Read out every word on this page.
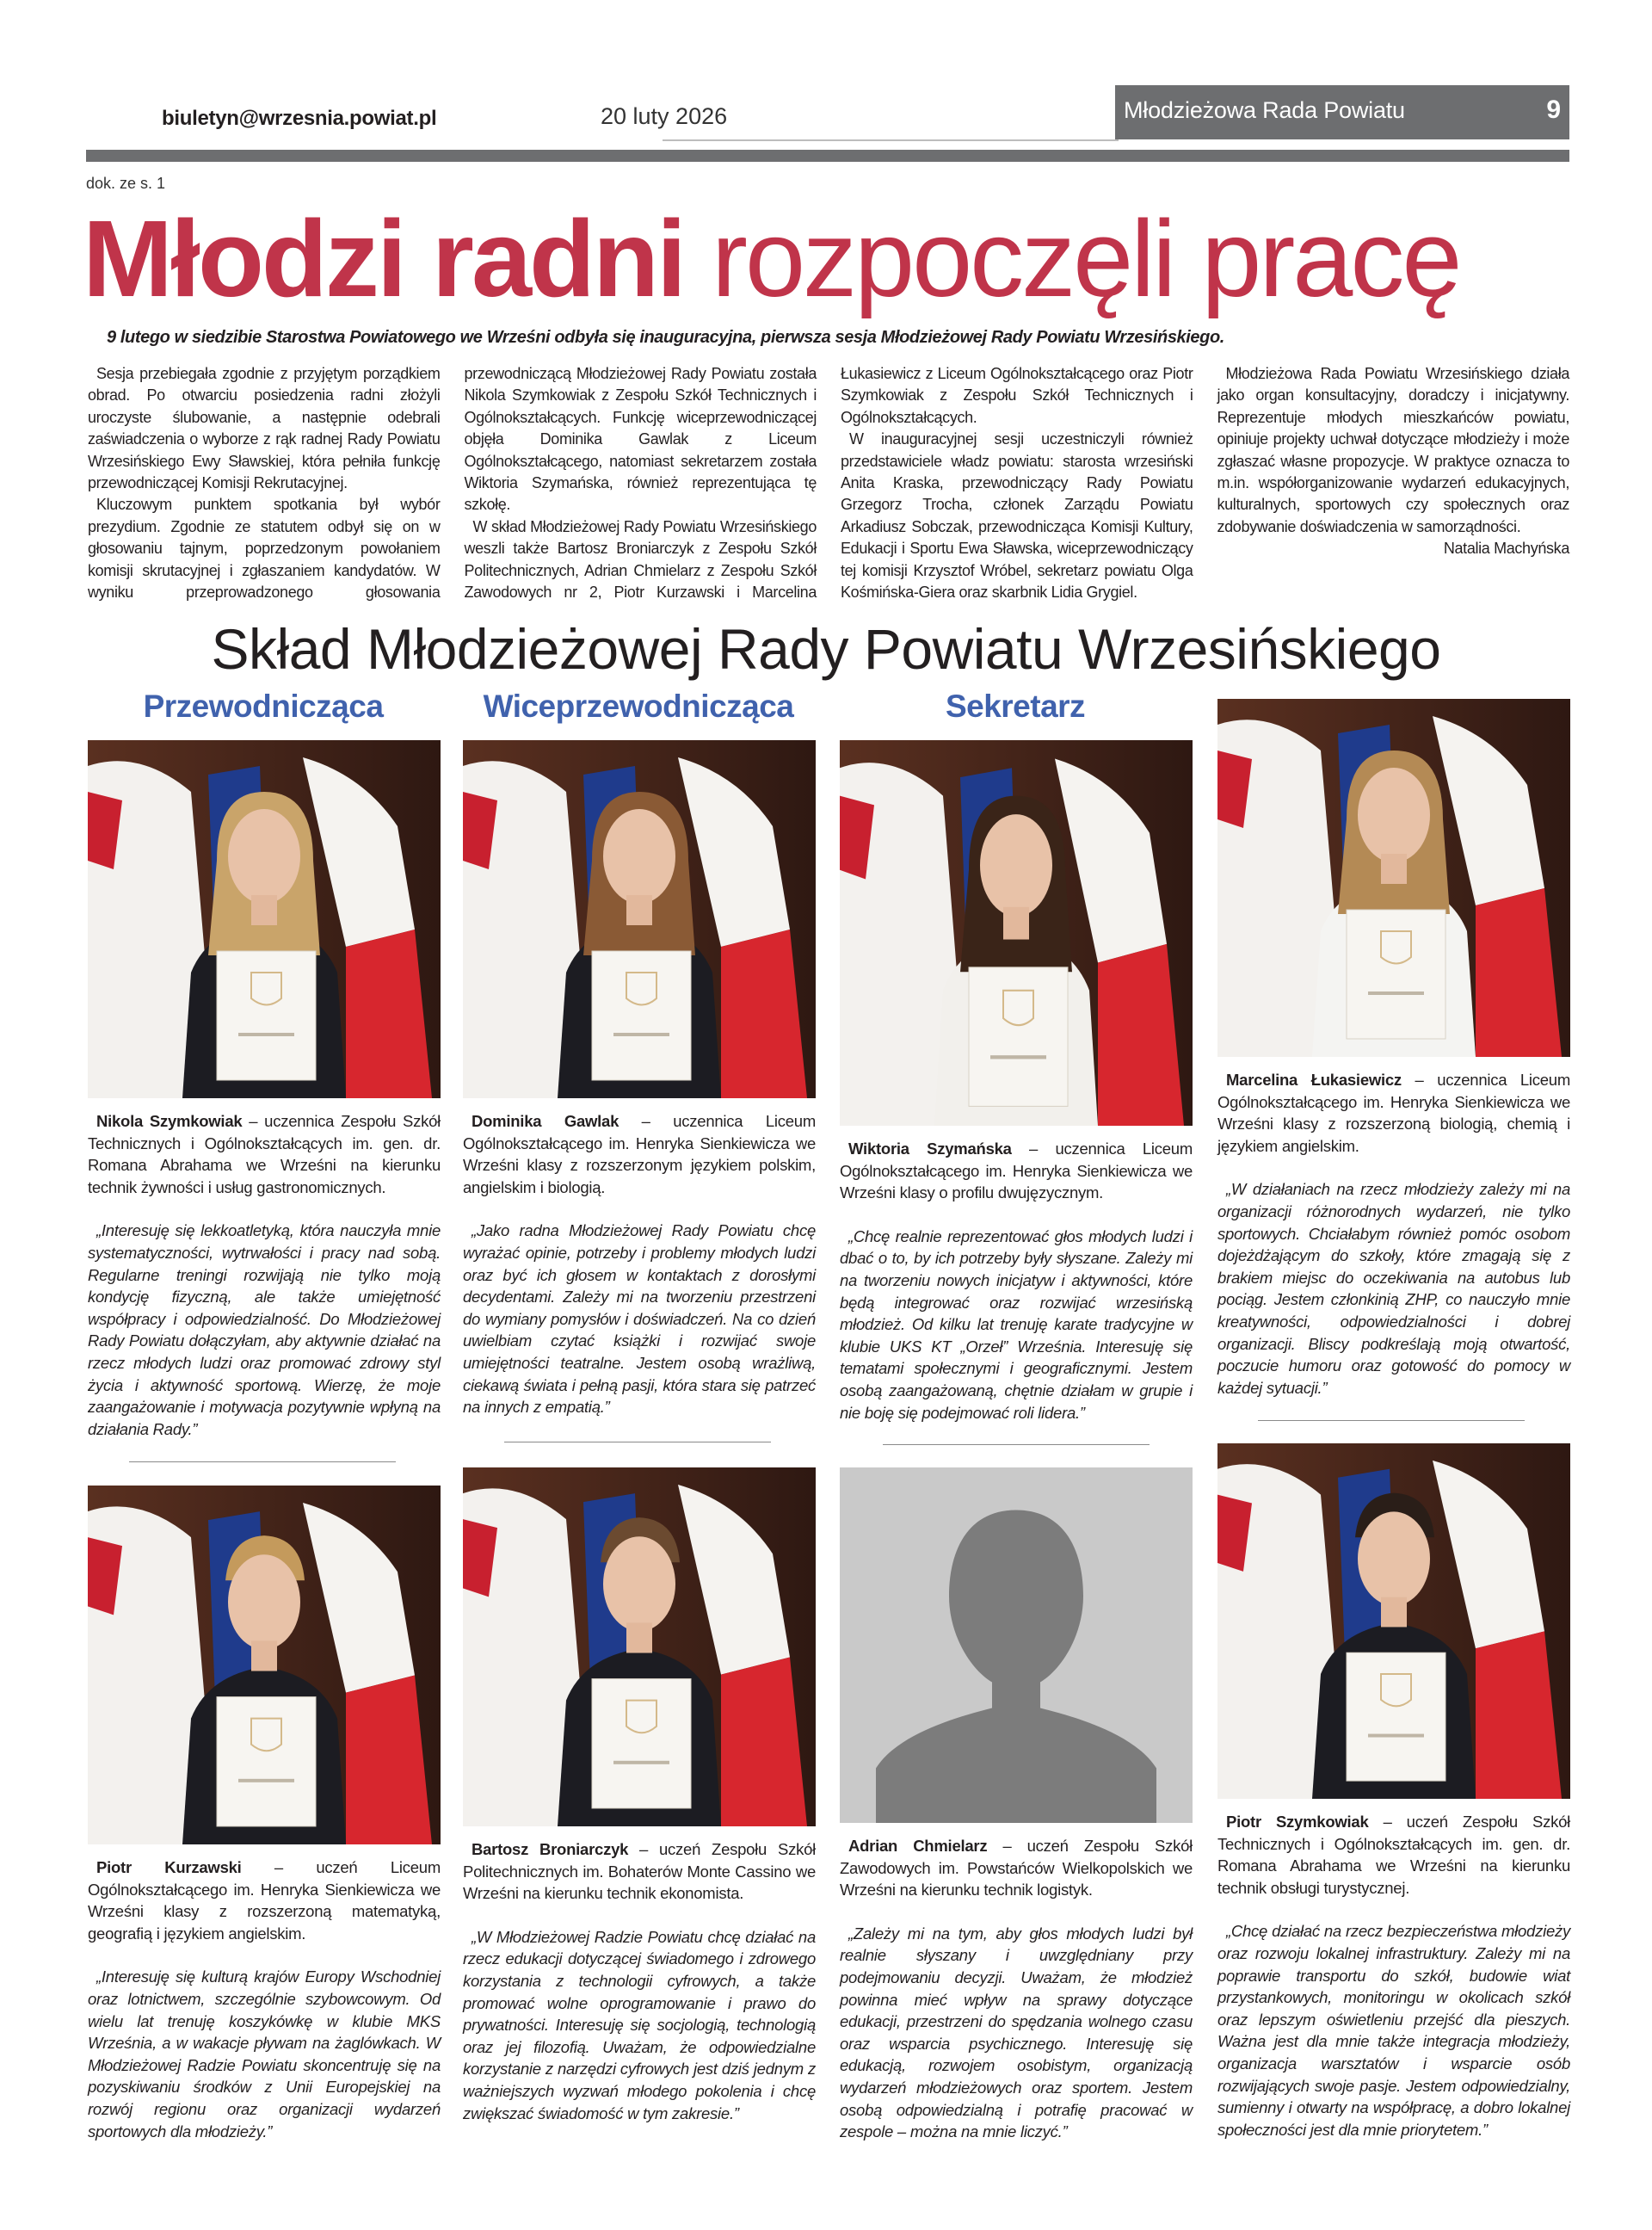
biuletyn@wrzesnia.powiat.pl	20 luty 2026	Młodzieżowa Rada Powiatu	9
dok. ze s. 1
Młodzi radni rozpoczęli pracę
9 lutego w siedzibie Starostwa Powiatowego we Wrześni odbyła się inauguracyjna, pierwsza sesja Młodzieżowej Rady Powiatu Wrzesińskiego.

Sesja przebiegała zgodnie z przyjętym porządkiem obrad. Po otwarciu posiedzenia radni złożyli uroczyste ślubowanie, a następnie odebrali zaświadczenia o wyborze z rąk radnej Rady Powiatu Wrzesińskiego Ewy Sławskiej, która pełniła funkcję przewodniczącej Komisji Rekrutacyjnej.

Kluczowym punktem spotkania był wybór prezydium. Zgodnie ze statutem odbył się on w głosowaniu tajnym, poprzedzonym powołaniem komisji skrutacyjnej i zgłaszaniem kandydatów. W wyniku przeprowadzonego głosowania przewodniczącą Młodzieżowej Rady Powiatu została Nikola Szymkowiak z Zespołu Szkół Technicznych i Ogólnokształcących. Funkcję wiceprzewodniczącej objęła Dominika Gawlak z Liceum Ogólnokształcącego, natomiast sekretarzem została Wiktoria Szymańska, również reprezentująca tę szkołę.

W skład Młodzieżowej Rady Powiatu Wrzesińskiego weszli także Bartosz Broniarczyk z Zespołu Szkół Politechnicznych, Adrian Chmielarz z Zespołu Szkół Zawodowych nr 2, Piotr Kurzawski i Marcelina Łukasiewicz z Liceum Ogólnokształcącego oraz Piotr Szymkowiak z Zespołu Szkół Technicznych i Ogólnokształcących.

W inauguracyjnej sesji uczestniczyli również przedstawiciele władz powiatu: starosta wrzesiński Anita Kraska, przewodniczący Rady Powiatu Grzegorz Trocha, członek Zarządu Powiatu Arkadiusz Sobczak, przewodnicząca Komisji Kultury, Edukacji i Sportu Ewa Sławska, wiceprzewodniczący tej komisji Krzysztof Wróbel, sekretarz powiatu Olga Kośmińska-Giera oraz skarbnik Lidia Grygiel.

Młodzieżowa Rada Powiatu Wrzesińskiego działa jako organ konsultacyjny, doradczy i inicjatywny. Reprezentuje młodych mieszkańców powiatu, opiniuje projekty uchwał dotyczące młodzieży i może zgłaszać własne propozycje. W praktyce oznacza to m.in. współorganizowanie wydarzeń edukacyjnych, kulturalnych, sportowych czy społecznych oraz zdobywanie doświadczenia w samorządności.

Natalia Machyńska

Skład Młodzieżowej Rady Powiatu Wrzesińskiego
Przewodnicząca	Wiceprzewodnicząca	Sekretarz

Nikola Szymkowiak – uczennica Zespołu Szkół Technicznych i Ogólnokształcących im. gen. dr. Romana Abrahama we Wrześni na kierunku technik żywności i usług gastronomicznych.

„Interesuję się lekkoatletyką, która nauczyła mnie systematyczności, wytrwałości i pracy nad sobą. Regularne treningi rozwijają nie tylko moją kondycję fizyczną, ale także umiejętność współpracy i odpowiedzialność. Do Młodzieżowej Rady Powiatu dołączyłam, aby aktywnie działać na rzecz młodych ludzi oraz promować zdrowy styl życia i aktywność sportową. Wierzę, że moje zaangażowanie i motywacja pozytywnie wpłyną na działania Rady.”

Dominika Gawlak – uczennica Liceum Ogólnokształcącego im. Henryka Sienkiewicza we Wrześni klasy z rozszerzonym językiem polskim, angielskim i biologią.

„Jako radna Młodzieżowej Rady Powiatu chcę wyrażać opinie, potrzeby i problemy młodych ludzi oraz być ich głosem w kontaktach z dorosłymi decydentami. Zależy mi na tworzeniu przestrzeni do wymiany pomysłów i doświadczeń. Na co dzień uwielbiam czytać książki i rozwijać swoje umiejętności teatralne. Jestem osobą wrażliwą, ciekawą świata i pełną pasji, która stara się patrzeć na innych z empatią.”

Wiktoria Szymańska – uczennica Liceum Ogólnokształcącego im. Henryka Sienkiewicza we Wrześni klasy o profilu dwujęzycznym.

„Chcę realnie reprezentować głos młodych ludzi i dbać o to, by ich potrzeby były słyszane. Zależy mi na tworzeniu nowych inicjatyw i aktywności, które będą integrować oraz rozwijać wrzesińską młodzież. Od kilku lat trenuję karate tradycyjne w klubie UKS KT „Orzeł” Września. Interesuję się tematami społecznymi i geograficznymi. Jestem osobą zaangażowaną, chętnie działam w grupie i nie boję się podejmować roli lidera.”

Marcelina Łukasiewicz – uczennica Liceum Ogólnokształcącego im. Henryka Sienkiewicza we Wrześni klasy z rozszerzoną biologią, chemią i językiem angielskim.

„W działaniach na rzecz młodzieży zależy mi na organizacji różnorodnych wydarzeń, nie tylko sportowych. Chciałabym również pomóc osobom dojeżdżającym do szkoły, które zmagają się z brakiem miejsc do oczekiwania na autobus lub pociąg. Jestem członkinią ZHP, co nauczyło mnie kreatywności, odpowiedzialności i dobrej organizacji. Bliscy podkreślają moją otwartość, poczucie humoru oraz gotowość do pomocy w każdej sytuacji.”

Piotr Kurzawski – uczeń Liceum Ogólnokształcącego im. Henryka Sienkiewicza we Wrześni klasy z rozszerzoną matematyką, geografią i językiem angielskim.

„Interesuję się kulturą krajów Europy Wschodniej oraz lotnictwem, szczególnie szybowcowym. Od wielu lat trenuję koszykówkę w klubie MKS Września, a w wakacje pływam na żaglówkach. W Młodzieżowej Radzie Powiatu skoncentruję się na pozyskiwaniu środków z Unii Europejskiej na rozwój regionu oraz organizacji wydarzeń sportowych dla młodzieży.”

Bartosz Broniarczyk – uczeń Zespołu Szkół Politechnicznych im. Bohaterów Monte Cassino we Wrześni na kierunku technik ekonomista.

„W Młodzieżowej Radzie Powiatu chcę działać na rzecz edukacji dotyczącej świadomego i zdrowego korzystania z technologii cyfrowych, a także promować wolne oprogramowanie i prawo do prywatności. Interesuję się socjologią, technologią oraz jej filozofią. Uważam, że odpowiedzialne korzystanie z narzędzi cyfrowych jest dziś jednym z ważniejszych wyzwań młodego pokolenia i chcę zwiększać świadomość w tym zakresie.”

Adrian Chmielarz – uczeń Zespołu Szkół Zawodowych im. Powstańców Wielkopolskich we Wrześni na kierunku technik logistyk.

„Zależy mi na tym, aby głos młodych ludzi był realnie słyszany i uwzględniany przy podejmowaniu decyzji. Uważam, że młodzież powinna mieć wpływ na sprawy dotyczące edukacji, przestrzeni do spędzania wolnego czasu oraz wsparcia psychicznego. Interesuję się edukacją, rozwojem osobistym, organizacją wydarzeń młodzieżowych oraz sportem. Jestem osobą odpowiedzialną i potrafię pracować w zespole – można na mnie liczyć.”

Piotr Szymkowiak – uczeń Zespołu Szkół Technicznych i Ogólnokształcących im. gen. dr. Romana Abrahama we Wrześni na kierunku technik obsługi turystycznej.

„Chcę działać na rzecz bezpieczeństwa młodzieży oraz rozwoju lokalnej infrastruktury. Zależy mi na poprawie transportu do szkół, budowie wiat przystankowych, monitoringu w okolicach szkół oraz lepszym oświetleniu przejść dla pieszych. Ważna jest dla mnie także integracja młodzieży, organizacja warsztatów i wsparcie osób rozwijających swoje pasje. Jestem odpowiedzialny, sumienny i otwarty na współpracę, a dobro lokalnej społeczności jest dla mnie priorytetem.”
